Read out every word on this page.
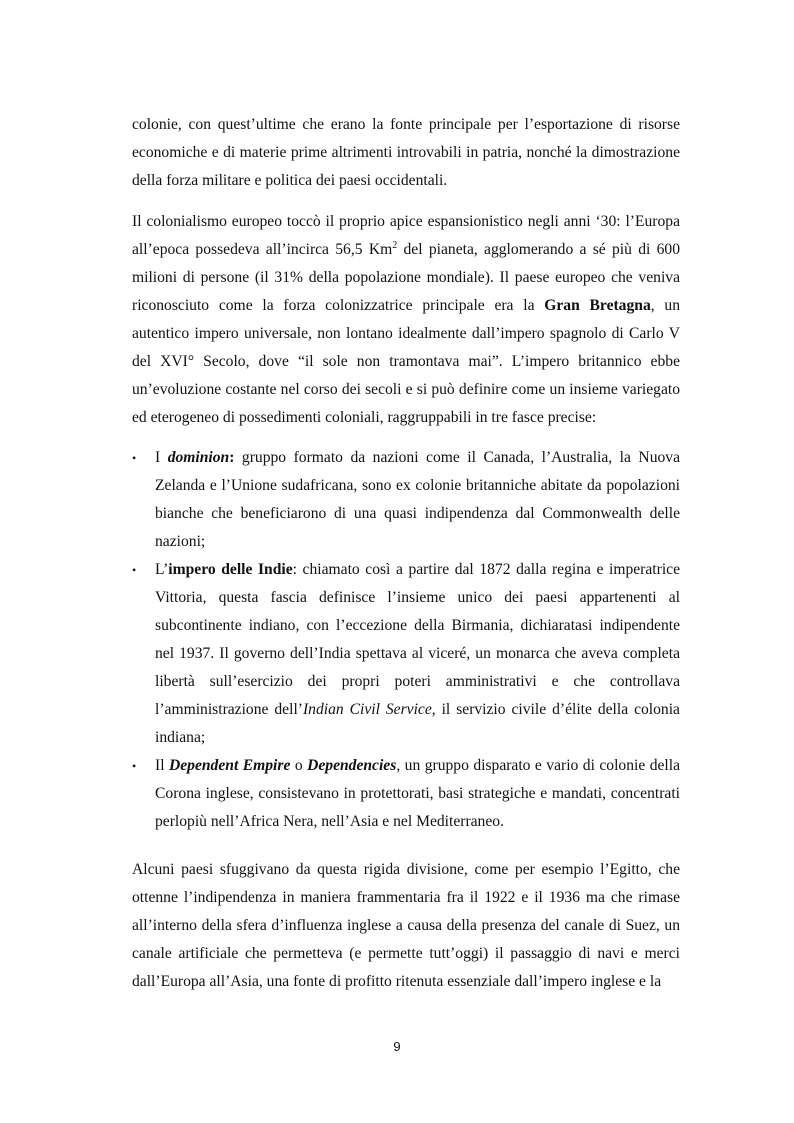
colonie, con quest’ultime che erano la fonte principale per l’esportazione di risorse economiche e di materie prime altrimenti introvabili in patria, nonché la dimostrazione della forza militare e politica dei paesi occidentali.

Il colonialismo europeo toccò il proprio apice espansionistico negli anni ‘30: l’Europa all’epoca possedeva all’incirca 56,5 Km$^2$ del pianeta, agglomerando a sé più di 600 milioni di persone (il 31% della popolazione mondiale). Il paese europeo che veniva riconosciuto come la forza colonizzatrice principale era la Gran Bretagna, un autentico impero universale, non lontano idealmente dall’impero spagnolo di Carlo V del XVI° Secolo, dove “il sole non tramontava mai”. L’impero britannico ebbe un’evoluzione costante nel corso dei secoli e si può definire come un insieme variegato ed eterogeneo di possedimenti coloniali, raggruppabili in tre fasce precise:

• I dominion: gruppo formato da nazioni come il Canada, l’Australia, la Nuova Zelanda e l’Unione sudafricana, sono ex colonie britanniche abitate da popolazioni bianche che beneficiarono di una quasi indipendenza dal Commonwealth delle nazioni;
• L’impero delle Indie: chiamato così a partire dal 1872 dalla regina e imperatrice Vittoria, questa fascia definisce l’insieme unico dei paesi appartenenti al subcontinente indiano, con l’eccezione della Birmania, dichiaratasi indipendente nel 1937. Il governo dell’India spettava al viceré, un monarca che aveva completa libertà sull’esercizio dei propri poteri amministrativi e che controllava l’amministrazione dell’Indian Civil Service, il servizio civile d’élite della colonia indiana;
• Il Dependent Empire o Dependencies, un gruppo disparato e vario di colonie della Corona inglese, consistevano in protettorati, basi strategiche e mandati, concentrati perlopiù nell’Africa Nera, nell’Asia e nel Mediterraneo.

Alcuni paesi sfuggivano da questa rigida divisione, come per esempio l’Egitto, che ottenne l’indipendenza in maniera frammentaria fra il 1922 e il 1936 ma che rimase all’interno della sfera d’influenza inglese a causa della presenza del canale di Suez, un canale artificiale che permetteva (e permette tutt’oggi) il passaggio di navi e merci dall’Europa all’Asia, una fonte di profitto ritenuta essenziale dall’impero inglese e la

9
